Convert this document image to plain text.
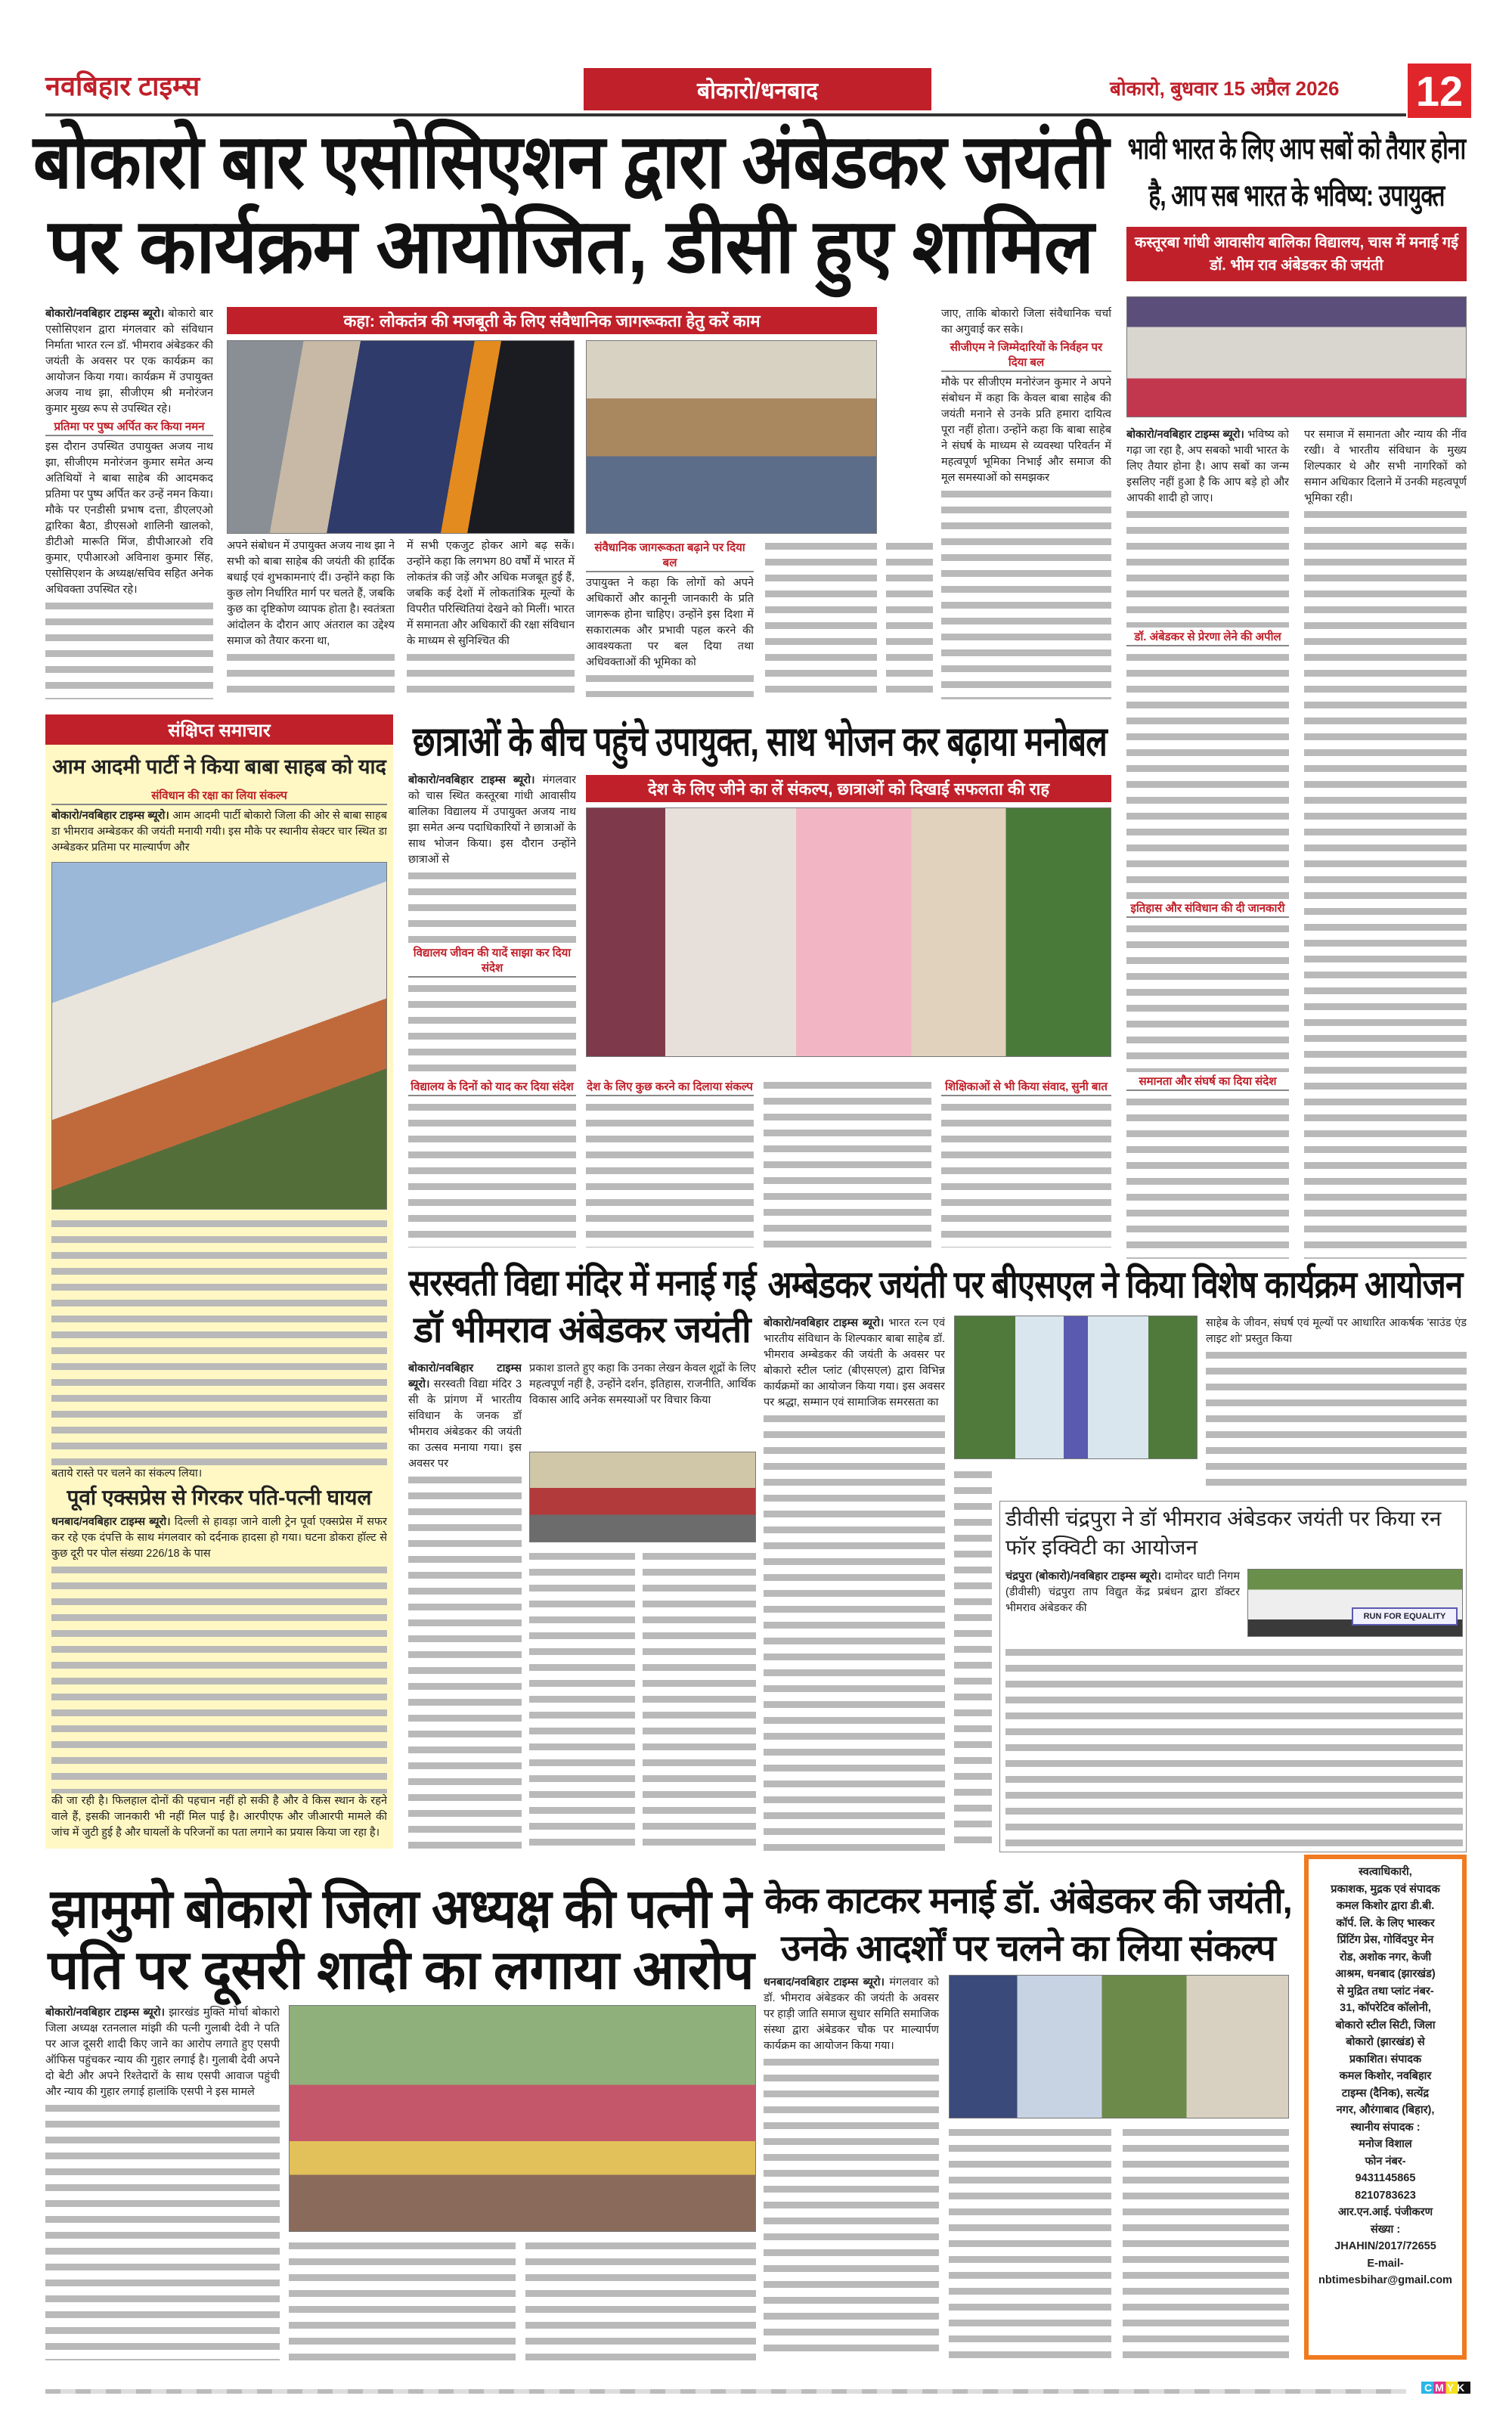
नवबिहार टाइम्स	बोकारो/धनबाद	बोकारो, बुधवार 15 अप्रैल 2026	12
बोकारो बार एसोसिएशन द्वारा अंबेडकर जयंती
पर कार्यक्रम आयोजित, डीसी हुए शामिल
कहा: लोकतंत्र की मजबूती के लिए संवैधानिक जागरूकता हेतु करें काम

बोकारो/नवबिहार टाइम्स ब्यूरो। बोकारो बार एसोसिएशन द्वारा मंगलवार को संविधान निर्माता भारत रत्न डॉ. भीमराव अंबेडकर की जयंती के अवसर पर एक कार्यक्रम का आयोजन किया गया। कार्यक्रम में उपायुक्त अजय नाथ झा, सीजीएम श्री मनोरंजन कुमार मुख्य रूप से उपस्थित रहे।

प्रतिमा पर पुष्प अर्पित कर किया नमन

इस दौरान उपस्थित उपायुक्त अजय नाथ झा, सीजीएम मनोरंजन कुमार समेत अन्य अतिथियों ने बाबा साहेब की आदमकद प्रतिमा पर पुष्प अर्पित कर उन्हें नमन किया। मौके पर एनडीसी प्रभाष दत्ता, डीएलएओ द्वारिका बैठा, डीएसओ शालिनी खालको, डीटीओ मारूति मिंज, डीपीआरओ रवि कुमार, एपीआरओ अविनाश कुमार सिंह, एसोसिएशन के अध्यक्ष/सचिव सहित अनेक अधिवक्ता उपस्थित रहे।

अपने संबोधन में उपायुक्त अजय नाथ झा ने सभी को बाबा साहेब की जयंती की हार्दिक बधाई एवं शुभकामनाएं दीं। उन्होंने कहा कि कुछ लोग निर्धारित मार्ग पर चलते हैं, जबकि कुछ का दृष्टिकोण व्यापक होता है। स्वतंत्रता आंदोलन के दौरान आए अंतराल का उद्देश्य समाज को तैयार करना था,

में सभी एकजुट होकर आगे बढ़ सकें। उन्होंने कहा कि लगभग 80 वर्षों में भारत में लोकतंत्र की जड़ें और अधिक मजबूत हुई हैं, जबकि कई देशों में लोकतांत्रिक मूल्यों के विपरीत परिस्थितियां देखने को मिलीं। भारत में समानता और अधिकारों की रक्षा संविधान के माध्यम से सुनिश्चित की

संवैधानिक जागरूकता बढ़ाने पर दिया बल

उपायुक्त ने कहा कि लोगों को अपने अधिकारों और कानूनी जानकारी के प्रति जागरूक होना चाहिए। उन्होंने इस दिशा में सकारात्मक और प्रभावी पहल करने की आवश्यकता पर बल दिया तथा अधिवक्ताओं की भूमिका को

जाए, ताकि बोकारो जिला संवैधानिक चर्चा का अगुवाई कर सके।

सीजीएम ने जिम्मेदारियों के निर्वहन पर दिया बल

मौके पर सीजीएम मनोरंजन कुमार ने अपने संबोधन में कहा कि केवल बाबा साहेब की जयंती मनाने से उनके प्रति हमारा दायित्व पूरा नहीं होता। उन्होंने कहा कि बाबा साहेब ने संघर्ष के माध्यम से व्यवस्था परिवर्तन में महत्वपूर्ण भूमिका निभाई और समाज की मूल समस्याओं को समझकर

भावी भारत के लिए आप सबों को तैयार होना है, आप सब भारत के भविष्य: उपायुक्त
कस्तूरबा गांधी आवासीय बालिका विद्यालय, चास में मनाई गई डॉ. भीम राव अंबेडकर की जयंती

बोकारो/नवबिहार टाइम्स ब्यूरो। भविष्य को गढ़ा जा रहा है, अप सबको भावी भारत के लिए तैयार होना है। आप सबों का जन्म इसलिए नहीं हुआ है कि आप बड़े हो और आपकी शादी हो जाए।

डॉ. अंबेडकर से प्रेरणा लेने की अपील
इतिहास और संविधान की दी जानकारी
समानता और संघर्ष का दिया संदेश

पर समाज में समानता और न्याय की नींव रखी। वे भारतीय संविधान के मुख्य शिल्पकार थे और सभी नागरिकों को समान अधिकार दिलाने में उनकी महत्वपूर्ण भूमिका रही।

संक्षिप्त समाचार
आम आदमी पार्टी ने किया बाबा साहब को याद
संविधान की रक्षा का लिया संकल्प

बोकारो/नवबिहार टाइम्स ब्यूरो। आम आदमी पार्टी बोकारो जिला की ओर से बाबा साहब डा भीमराव अम्बेडकर की जयंती मनायी गयी। इस मौके पर स्थानीय सेक्टर चार स्थित डा अम्बेडकर प्रतिमा पर माल्यार्पण और

बताये रास्ते पर चलने का संकल्प लिया।

पूर्वा एक्सप्रेस से गिरकर पति-पत्नी घायल

धनबाद/नवबिहार टाइम्स ब्यूरो। दिल्ली से हावड़ा जाने वाली ट्रेन पूर्वा एक्सप्रेस में सफर कर रहे एक दंपत्ति के साथ मंगलवार को दर्दनाक हादसा हो गया। घटना डोकरा हॉल्ट से कुछ दूरी पर पोल संख्या 226/18 के पास

की जा रही है। फिलहाल दोनों की पहचान नहीं हो सकी है और वे किस स्थान के रहने वाले हैं, इसकी जानकारी भी नहीं मिल पाई है। आरपीएफ और जीआरपी मामले की जांच में जुटी हुई है और घायलों के परिजनों का पता लगाने का प्रयास किया जा रहा है।

छात्राओं के बीच पहुंचे उपायुक्त, साथ भोजन कर बढ़ाया मनोबल
देश के लिए जीने का लें संकल्प, छात्राओं को दिखाई सफलता की राह

बोकारो/नवबिहार टाइम्स ब्यूरो। मंगलवार को चास स्थित कस्तूरबा गांधी आवासीय बालिका विद्यालय में उपायुक्त अजय नाथ झा समेत अन्य पदाधिकारियों ने छात्राओं के साथ भोजन किया। इस दौरान उन्होंने छात्राओं से

विद्यालय जीवन की यादें साझा कर दिया संदेश
विद्यालय के दिनों को याद कर दिया संदेश देश के लिए कुछ करने का दिलाया संकल्प	शिक्षिकाओं से भी किया संवाद, सुनी बात
सरस्वती विद्या मंदिर में मनाई गई
डॉ भीमराव अंबेडकर जयंती

बोकारो/नवबिहार टाइम्स ब्यूरो। सरस्वती विद्या मंदिर 3 सी के प्रांगण में भारतीय संविधान के जनक डॉ भीमराव अंबेडकर की जयंती का उत्सव मनाया गया। इस अवसर पर

प्रकाश डालते हुए कहा कि उनका लेखन केवल शूद्रों के लिए महत्वपूर्ण नहीं है, उन्होंने दर्शन, इतिहास, राजनीति, आर्थिक विकास आदि अनेक समस्याओं पर विचार किया

अम्बेडकर जयंती पर बीएसएल ने किया विशेष कार्यक्रम आयोजन

बोकारो/नवबिहार टाइम्स ब्यूरो। भारत रत्न एवं भारतीय संविधान के शिल्पकार बाबा साहेब डॉ. भीमराव अम्बेडकर की जयंती के अवसर पर बोकारो स्टील प्लांट (बीएसएल) द्वारा विभिन्न कार्यक्रमों का आयोजन किया गया। इस अवसर पर श्रद्धा, सम्मान एवं सामाजिक समरसता का

साहेब के जीवन, संघर्ष एवं मूल्यों पर आधारित आकर्षक 'साउंड एंड लाइट शो' प्रस्तुत किया

डीवीसी चंद्रपुरा ने डॉ भीमराव अंबेडकर जयंती पर किया रन फॉर इक्विटी का आयोजन
RUN FOR EQUALITY

चंद्रपुरा (बोकारो)/नवबिहार टाइम्स ब्यूरो। दामोदर घाटी निगम (डीवीसी) चंद्रपुरा ताप विद्युत केंद्र प्रबंधन द्वारा डॉक्टर भीमराव अंबेडकर की

झामुमो बोकारो जिला अध्यक्ष की पत्नी ने
पति पर दूसरी शादी का लगाया आरोप

बोकारो/नवबिहार टाइम्स ब्यूरो। झारखंड मुक्ति मोर्चा बोकारो जिला अध्यक्ष रतनलाल मांझी की पत्नी गुलाबी देवी ने पति पर आज दूसरी शादी किए जाने का आरोप लगाते हुए एसपी ऑफिस पहुंचकर न्याय की गुहार लगाई है। गुलाबी देवी अपने दो बेटी और अपने रिश्तेदारों के साथ एसपी आवाज पहुंची और न्याय की गुहार लगाई हालांकि एसपी ने इस मामले

केक काटकर मनाई डॉ. अंबेडकर की जयंती,
उनके आदर्शों पर चलने का लिया संकल्प

धनबाद/नवबिहार टाइम्स ब्यूरो। मंगलवार को डॉ. भीमराव अंबेडकर की जयंती के अवसर पर हाड़ी जाति समाज सुधार समिति समाजिक संस्था द्वारा अंबेडकर चौक पर माल्यार्पण कार्यक्रम का आयोजन किया गया।

स्वत्वाधिकारी,
प्रकाशक, मुद्रक एवं संपादक
कमल किशोर द्वारा डी.बी.
कॉर्प. लि. के लिए भास्कर
प्रिंटिंग प्रेस, गोविंदपुर मेन
रोड, अशोक नगर, केजी
आश्रम, धनबाद (झारखंड)
से मुद्रित तथा प्लांट नंबर-
31, कॉपरेटिव कॉलोनी,
बोकारो स्टील सिटी, जिला
बोकारो (झारखंड) से
प्रकाशित। संपादक
कमल किशोर, नवबिहार
टाइम्स (दैनिक), सत्येंद्र
नगर, औरंगाबाद (बिहार),
स्थानीय संपादक :
मनोज विशाल
फोन नंबर-
9431145865
8210783623
आर.एन.आई. पंजीकरण
संख्या :
JHAHIN/2017/72655
E-mail-
nbtimesbihar@gmail.com
CMYK
